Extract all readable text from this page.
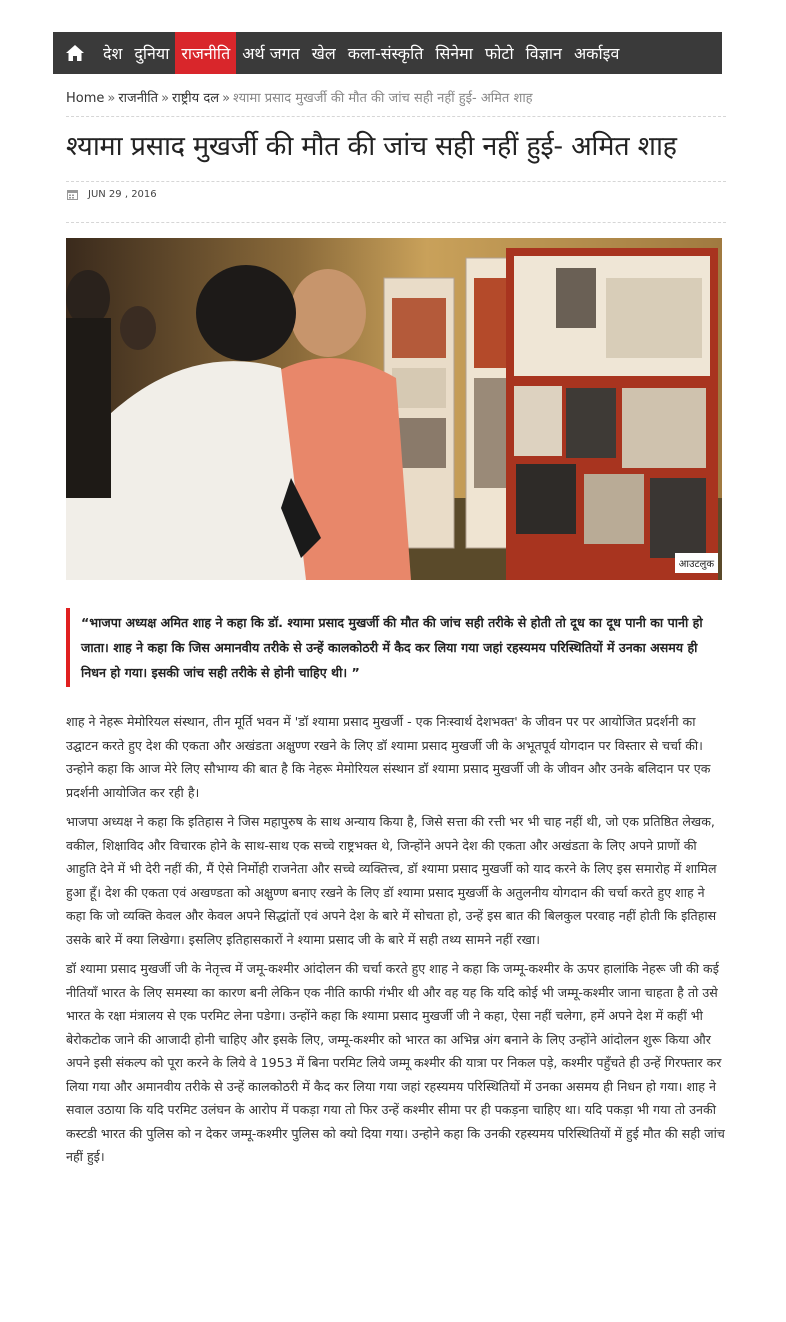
देश दुनिया राजनीति अर्थ जगत खेल कला-संस्कृति सिनेमा फोटो विज्ञान अर्काइव
Home » राजनीति » राष्ट्रीय दल » श्यामा प्रसाद मुखर्जी की मौत की जांच सही नहीं हुई- अमित शाह
श्यामा प्रसाद मुखर्जी की मौत की जांच सही नहीं हुई- अमित शाह
JUN 29 , 2016
आउटलुक
“भाजपा अध्यक्ष अमित शाह ने कहा कि डॉ. श्यामा प्रसाद मुखर्जी की मौत की जांच सही तरीके से होती तो दूध का दूध पानी का पानी हो जाता। शाह ने कहा कि जिस अमानवीय तरीके से उन्हें कालकोठरी में कैद कर लिया गया जहां रहस्यमय परिस्थितियों में उनका असमय ही निधन हो गया। इसकी जांच सही तरीके से होनी चाहिए थी। ”

शाह ने नेहरू मेमोरियल संस्थान, तीन मूर्ति भवन में 'डॉ श्यामा प्रसाद मुखर्जी - एक निःस्वार्थ देशभक्त' के जीवन पर पर आयोजित प्रदर्शनी का उद्घाटन करते हुए देश की एकता और अखंडता अक्षुण्ण रखने के लिए डॉ श्यामा प्रसाद मुखर्जी जी के अभूतपूर्व योगदान पर विस्तार से चर्चा की। उन्होने कहा कि आज मेरे लिए सौभाग्य की बात है कि नेहरू मेमोरियल संस्थान डॉ श्यामा प्रसाद मुखर्जी जी के जीवन और उनके बलिदान पर एक प्रदर्शनी आयोजित कर रही है।

भाजपा अध्यक्ष ने कहा कि इतिहास ने जिस महापुरुष के साथ अन्याय किया है, जिसे सत्ता की रत्ती भर भी चाह नहीं थी, जो एक प्रतिष्ठित लेखक, वकील, शिक्षाविद और विचारक होने के साथ-साथ एक सच्चे राष्ट्रभक्त थे, जिन्होंने अपने देश की एकता और अखंडता के लिए अपने प्राणों की आहुति देने में भी देरी नहीं की, मैं ऐसे निर्मोही राजनेता और सच्चे व्यक्तित्त्व, डॉ श्यामा प्रसाद मुखर्जी को याद करने के लिए इस समारोह में शामिल हुआ हूँ। देश की एकता एवं अखण्डता को अक्षुण्ण बनाए रखने के लिए डॉ श्यामा प्रसाद मुखर्जी के अतुलनीय योगदान की चर्चा करते हुए शाह ने कहा कि जो व्यक्ति केवल और केवल अपने सिद्धांतों एवं अपने देश के बारे में सोचता हो, उन्हें इस बात की बिलकुल परवाह नहीं होती कि इतिहास उसके बारे में क्या लिखेगा। इसलिए इतिहासकारों ने श्यामा प्रसाद जी के बारे में सही तथ्य सामने नहीं रखा।

डॉ श्यामा प्रसाद मुखर्जी जी के नेतृत्त्व में जमू-कश्मीर आंदोलन की चर्चा करते हुए शाह ने कहा कि जम्मू-कश्मीर के ऊपर हालांकि नेहरू जी की कई नीतियाँ भारत के लिए समस्या का कारण बनी लेकिन एक नीति काफी गंभीर थी और वह यह कि यदि कोई भी जम्मू-कश्मीर जाना चाहता है तो उसे भारत के रक्षा मंत्रालय से एक परमिट लेना पडेगा। उन्होंने कहा कि श्यामा प्रसाद मुखर्जी जी ने कहा, ऐसा नहीं चलेगा, हमें अपने देश में कहीं भी बेरोकटोक जाने की आजादी होनी चाहिए और इसके लिए, जम्मू-कश्मीर को भारत का अभिन्न अंग बनाने के लिए उन्होंने आंदोलन शुरू किया और अपने इसी संकल्प को पूरा करने के लिये वे 1953 में बिना परमिट लिये जम्मू कश्मीर की यात्रा पर निकल पड़े, कश्मीर पहुँचते ही उन्हें गिरफ्तार कर लिया गया और अमानवीय तरीके से उन्हें कालकोठरी में कैद कर लिया गया जहां रहस्यमय परिस्थितियों में उनका असमय ही निधन हो गया। शाह ने सवाल उठाया कि यदि परमिट उलंघन के आरोप में पकड़ा गया तो फिर उन्हें कश्मीर सीमा पर ही पकड़ना चाहिए था। यदि पकड़ा भी गया तो उनकी कस्टडी भारत की पुलिस को न देकर जम्मू-कश्मीर पुलिस को क्यो दिया गया। उन्होने कहा कि उनकी रहस्यमय परिस्थितियों में हुई मौत की सही जांच नहीं हुई।
